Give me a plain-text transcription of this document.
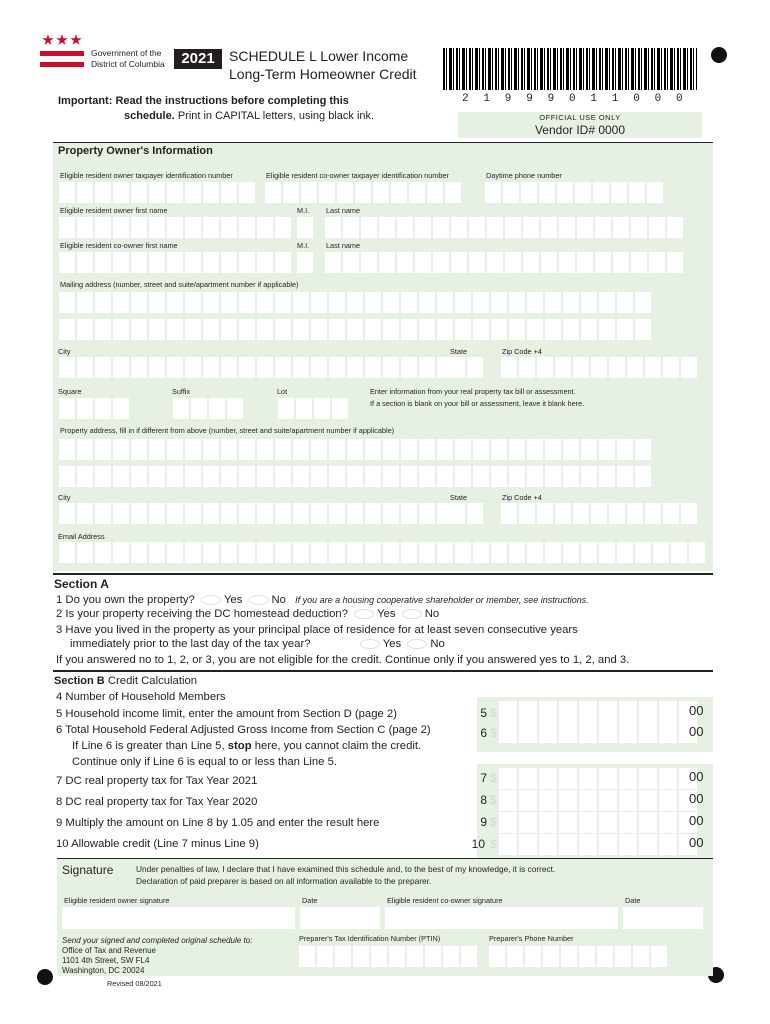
Government of the
District of Columbia	2021	SCHEDULE L Lower Income
Long-Term Homeowner Credit
21999011000
Important: Read the instructions before completing this
schedule. Print in CAPITAL letters, using black ink.	OFFICIAL USE ONLY
Vendor ID# 0000
Property Owner's Information
Eligible resident owner taxpayer identification number	Eligible resident co-owner taxpayer identification number	Daytime phone number
Eligible resident owner first name	M.I. Last name
Eligible resident co-owner first name	M.I. Last name
Mailing address (number, street and suite/apartment number if applicable)
City	State	Zip Code +4
Square	Suffix	Lot	Enter information from your real property tax bill or assessment.
If a section is blank on your bill or assessment, leave it blank here.
Property address, fill in if different from above (number, street and suite/apartment number if applicable)
City	State	Zip Code +4
Email Address
Section A
1 Do you own the property?	Yes	No If you are a housing cooperative shareholder or member, see instructions.
2 Is your property receiving the DC homestead deduction?	Yes	No
3 Have you lived in the property as your principal place of residence for at least seven consecutive years
immediately prior to the last day of the tax year?	Yes	No
If you answered no to 1, 2, or 3, you are not eligible for the credit. Continue only if you answered yes to 1, 2, and 3.
Section B Credit Calculation
4 Number of Household Members
5 Household income limit, enter the amount from Section D (page 2)
6 Total Household Federal Adjusted Gross Income from Section C (page 2)
If Line 6 is greater than Line 5, stop here, you cannot claim the credit.
Continue only if Line 6 is equal to or less than Line 5.
7 DC real property tax for Tax Year 2021
8 DC real property tax for Tax Year 2020
9 Multiply the amount on Line 8 by 1.05 and enter the result here
10 Allowable credit (Line 7 minus Line 9)
5 $	00
6 $	00
7 $	00
8 $	00
9 $	00
10 $	00
Signature	Under penalties of law, I declare that I have examined this schedule and, to the best of my knowledge, it is correct.
Declaration of paid preparer is based on all information available to the preparer.
Eligible resident owner signature	Date	Eligible resident co-owner signature	Date
Send your signed and completed original schedule to:
Office of Tax and Revenue
1101 4th Street, SW FL4
Washington, DC 20024
Preparer's Tax Identification Number (PTIN)	Preparer's Phone Number
Revised 08/2021
